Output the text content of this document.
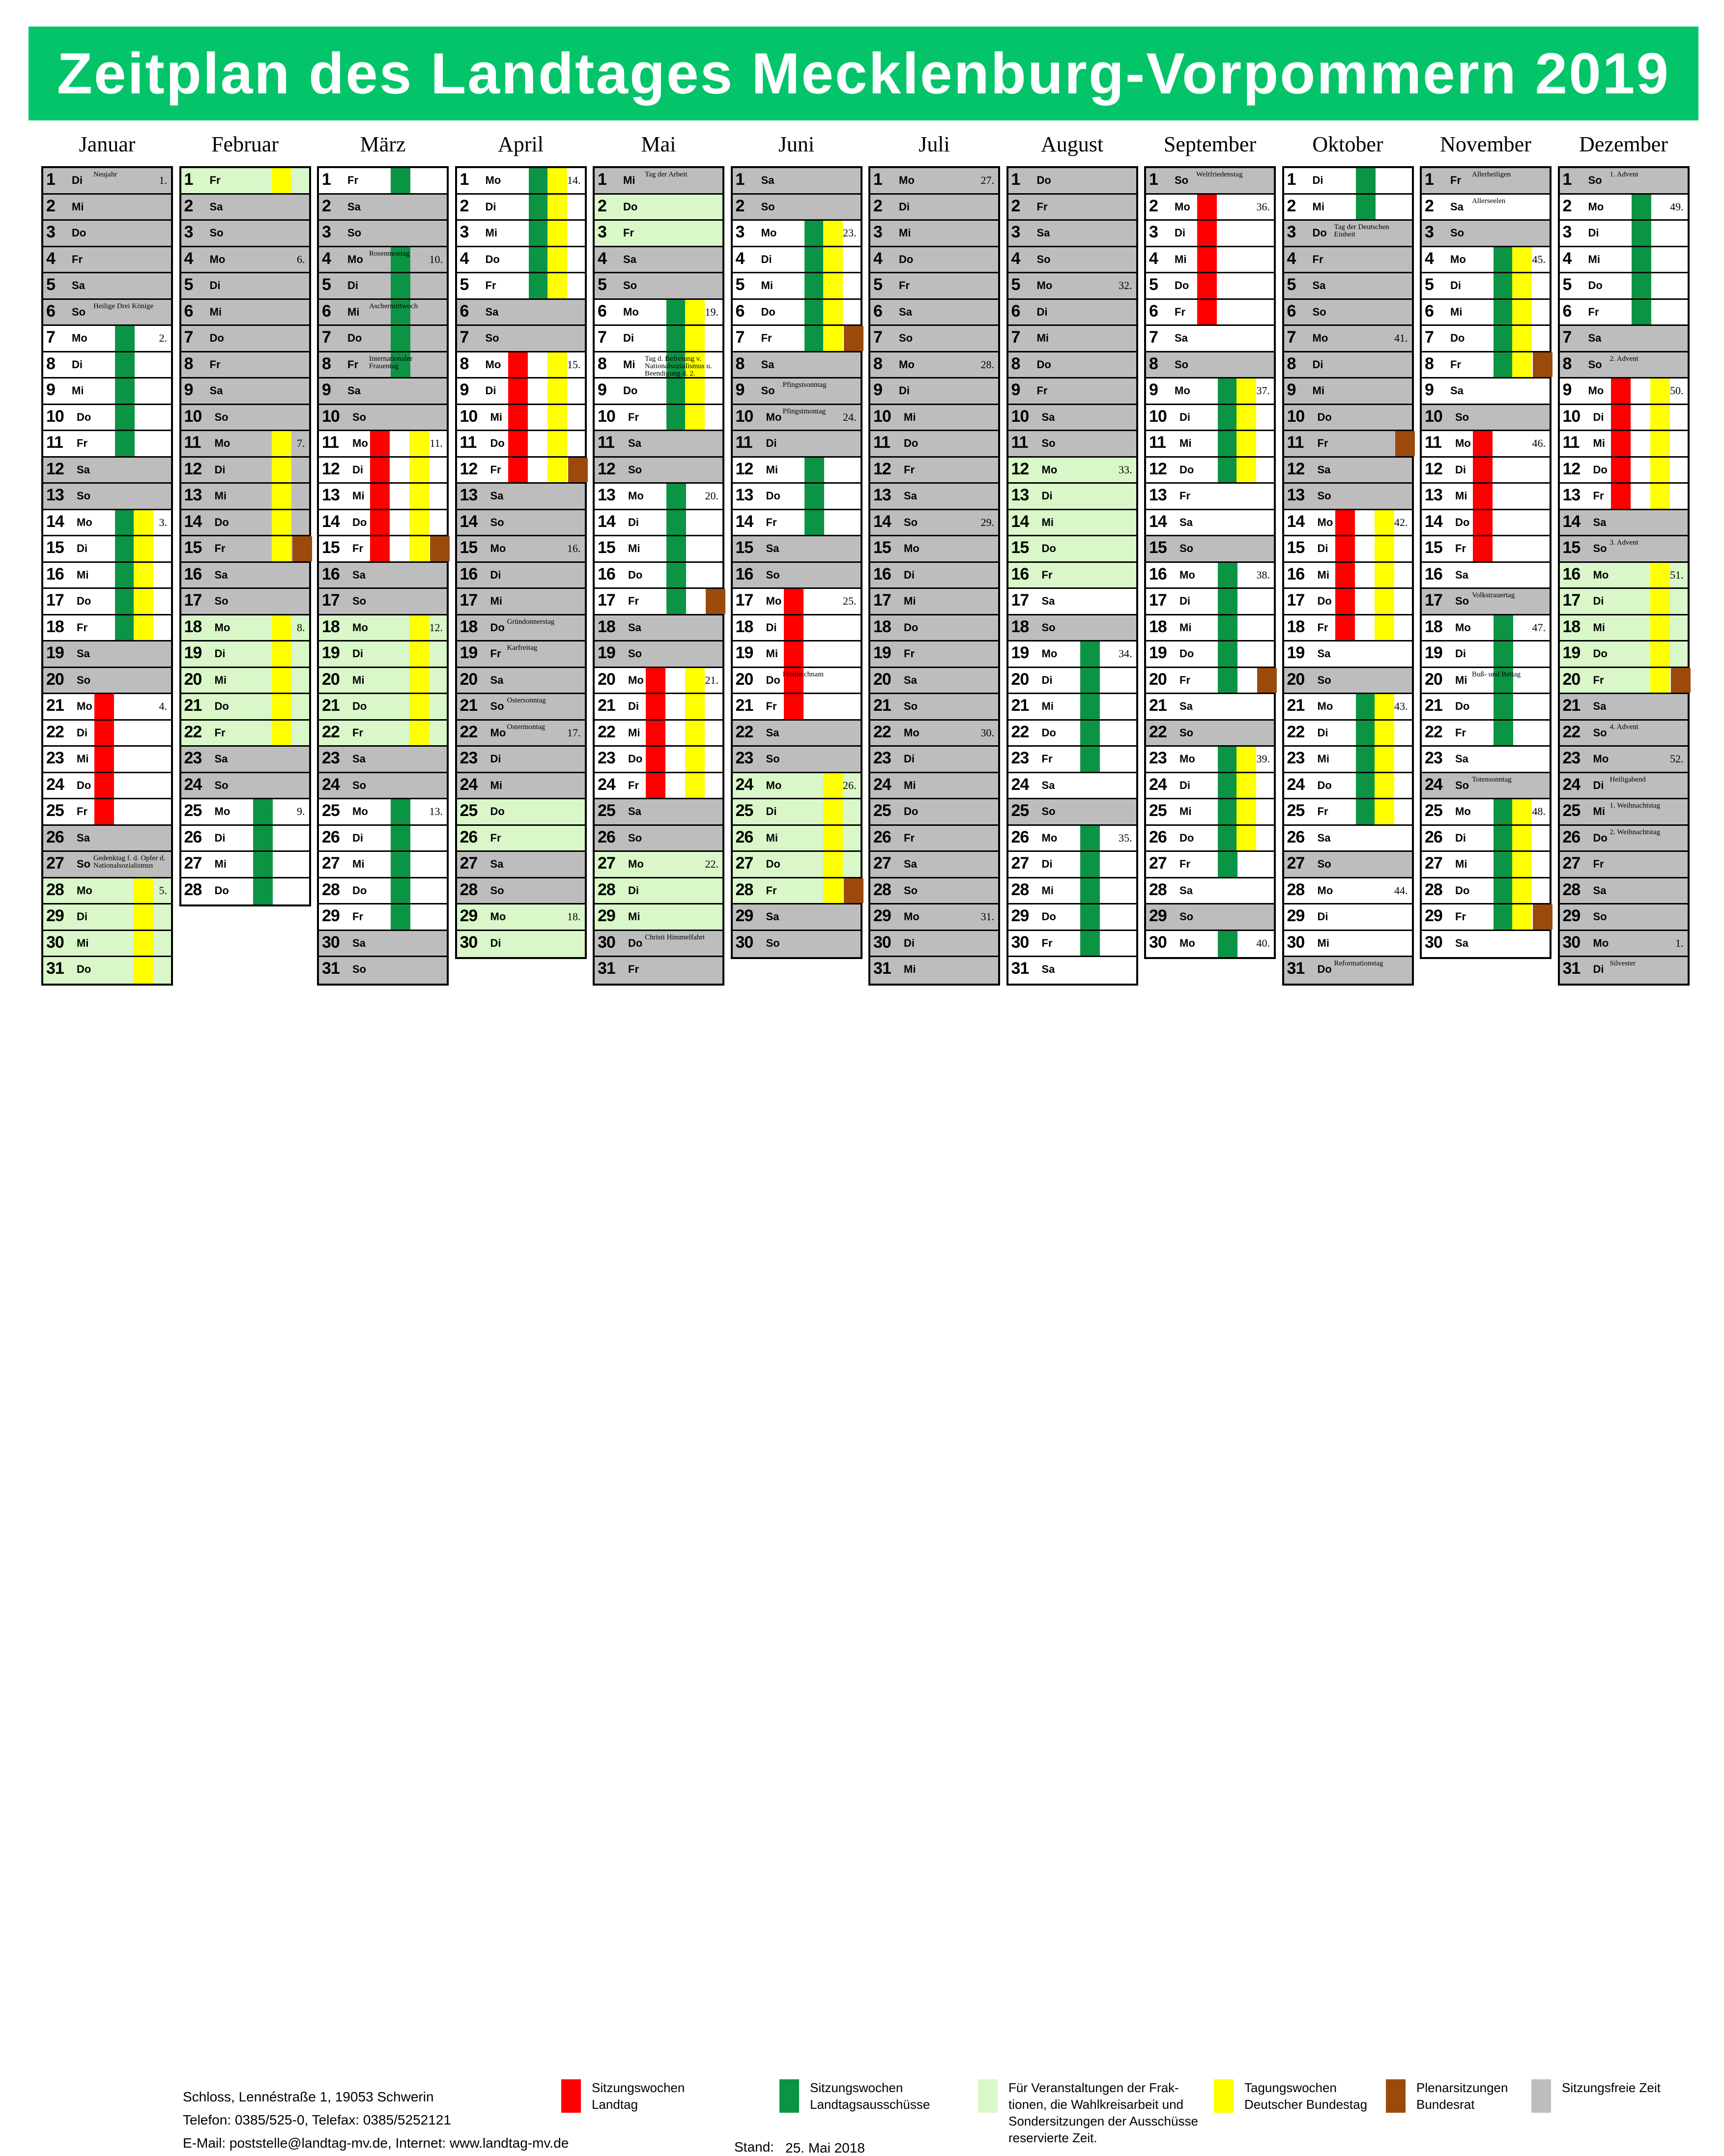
Zeitplan des Landtages Mecklenburg-Vorpommern 2019
Januar
1 Di Neujahr	1.
2 Mi
3 Do
4 Fr
5 Sa
6 So Heilige Drei Könige
7 Mo	2.
8 Di
9 Mi
10 Do
11 Fr
12 Sa
13 So
14 Mo	3.
15 Di
16 Mi
17 Do
18 Fr
19 Sa
20 So
21 Mo	4.
22 Di
23 Mi
24 Do
25 Fr
26 Sa
27 So Gedenktag f. d. Opfer d. Nationalsozialismus
28 Mo	5.
29 Di
30 Mi
31 Do
Februar
1 Fr
2 Sa
3 So
4 Mo	6.
5 Di
6 Mi
7 Do
8 Fr
9 Sa
10 So
11 Mo	7.
12 Di
13 Mi
14 Do
15 Fr
16 Sa
17 So
18 Mo	8.
19 Di
20 Mi
21 Do
22 Fr
23 Sa
24 So
25 Mo	9.
26 Di
27 Mi
28 Do
März
1 Fr
2 Sa
3 So
4 Mo Rosenmontag	10.
5 Di
6 Mi Aschermittwoch
7 Do
8 Fr Internationaler Frauentag
9 Sa
10 So
11 Mo	11.
12 Di
13 Mi
14 Do
15 Fr
16 Sa
17 So
18 Mo	12.
19 Di
20 Mi
21 Do
22 Fr
23 Sa
24 So
25 Mo	13.
26 Di
27 Mi
28 Do
29 Fr
30 Sa
31 So
April
1 Mo	14.
2 Di
3 Mi
4 Do
5 Fr
6 Sa
7 So
8 Mo	15.
9 Di
10 Mi
11 Do
12 Fr
13 Sa
14 So
15 Mo	16.
16 Di
17 Mi
18 Do Gründonnerstag
19 Fr Karfreitag
20 Sa
21 So Ostersonntag
22 Mo Ostermontag	17.
23 Di
24 Mi
25 Do
26 Fr
27 Sa
28 So
29 Mo	18.
30 Di
Mai
1 Mi Tag der Arbeit
2 Do
3 Fr
4 Sa
5 So
6 Mo	19.
7 Di
8 Mi Tag d. Befreiung v. Nationalsozialismus u. Beendigung d. 2.
9 Do
10 Fr
11 Sa
12 So
13 Mo	20.
14 Di
15 Mi
16 Do
17 Fr
18 Sa
19 So
20 Mo	21.
21 Di
22 Mi
23 Do
24 Fr
25 Sa
26 So
27 Mo	22.
28 Di
29 Mi
30 Do Christi Himmelfahrt
31 Fr
Juni
1 Sa
2 So
3 Mo	23.
4 Di
5 Mi
6 Do
7 Fr
8 Sa
9 So Pfingstsonntag
10 Mo Pfingstmontag	24.
11 Di
12 Mi
13 Do
14 Fr
15 Sa
16 So
17 Mo	25.
18 Di
19 Mi
20 Do Fronleichnam
21 Fr
22 Sa
23 So
24 Mo	26.
25 Di
26 Mi
27 Do
28 Fr
29 Sa
30 So
Juli
1 Mo	27.
2 Di
3 Mi
4 Do
5 Fr
6 Sa
7 So
8 Mo	28.
9 Di
10 Mi
11 Do
12 Fr
13 Sa
14 So	29.
15 Mo
16 Di
17 Mi
18 Do
19 Fr
20 Sa
21 So
22 Mo	30.
23 Di
24 Mi
25 Do
26 Fr
27 Sa
28 So
29 Mo	31.
30 Di
31 Mi
August
1 Do
2 Fr
3 Sa
4 So
5 Mo	32.
6 Di
7 Mi
8 Do
9 Fr
10 Sa
11 So
12 Mo	33.
13 Di
14 Mi
15 Do
16 Fr
17 Sa
18 So
19 Mo	34.
20 Di
21 Mi
22 Do
23 Fr
24 Sa
25 So
26 Mo	35.
27 Di
28 Mi
29 Do
30 Fr
31 Sa
September
1 So Weltfriedenstag
2 Mo	36.
3 Di
4 Mi
5 Do
6 Fr
7 Sa
8 So
9 Mo	37.
10 Di
11 Mi
12 Do
13 Fr
14 Sa
15 So
16 Mo	38.
17 Di
18 Mi
19 Do
20 Fr
21 Sa
22 So
23 Mo	39.
24 Di
25 Mi
26 Do
27 Fr
28 Sa
29 So
30 Mo	40.
Oktober
1 Di
2 Mi
3 Do Tag der Deutschen Einheit
4 Fr
5 Sa
6 So
7 Mo	41.
8 Di
9 Mi
10 Do
11 Fr
12 Sa
13 So
14 Mo	42.
15 Di
16 Mi
17 Do
18 Fr
19 Sa
20 So
21 Mo	43.
22 Di
23 Mi
24 Do
25 Fr
26 Sa
27 So
28 Mo	44.
29 Di
30 Mi
31 Do Reformationstag
November
1 Fr Allerheiligen
2 Sa Allerseelen
3 So
4 Mo	45.
5 Di
6 Mi
7 Do
8 Fr
9 Sa
10 So
11 Mo	46.
12 Di
13 Mi
14 Do
15 Fr
16 Sa
17 So Volkstrauertag
18 Mo	47.
19 Di
20 Mi Buß- und Bettag
21 Do
22 Fr
23 Sa
24 So Totensonntag
25 Mo	48.
26 Di
27 Mi
28 Do
29 Fr
30 Sa
Dezember
1 So 1. Advent
2 Mo	49.
3 Di
4 Mi
5 Do
6 Fr
7 Sa
8 So 2. Advent
9 Mo	50.
10 Di
11 Mi
12 Do
13 Fr
14 Sa
15 So 3. Advent
16 Mo	51.
17 Di
18 Mi
19 Do
20 Fr
21 Sa
22 So 4. Advent
23 Mo	52.
24 Di Heiligabend
25 Mi 1. Weihnachtstag
26 Do 2. Weihnachtstag
27 Fr
28 Sa
29 So
30 Mo	1.
31 Di Silvester
Schloss, Lennéstraße 1, 19053 Schwerin
Telefon: 0385/525-0, Telefax: 0385/5252121
E-Mail: poststelle@landtag-mv.de, Internet: www.landtag-mv.de	Stand: 25. Mai 2018
Sitzungswochen
Landtag
Sitzungswochen
Landtagsausschüsse
Für Veranstaltungen der Frak-
tionen, die Wahlkreisarbeit und
Sondersitzungen der Ausschüsse
reservierte Zeit.
Tagungswochen
Deutscher Bundestag
Plenarsitzungen
Bundesrat
Sitzungsfreie Zeit
